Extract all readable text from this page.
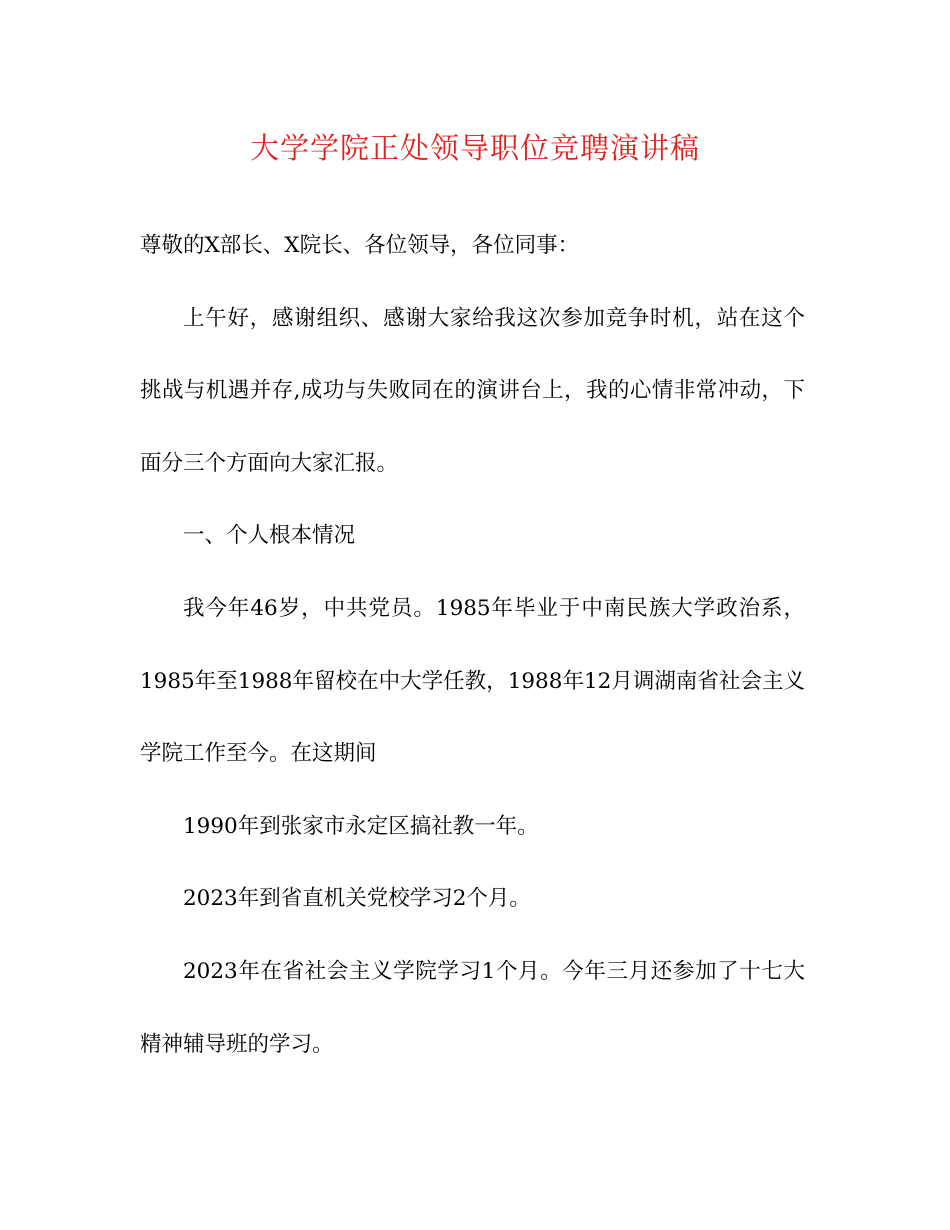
大学学院正处领导职位竞聘演讲稿

尊敬的X部长、X院长、各位领导，各位同事：

上午好，感谢组织、感谢大家给我这次参加竞争时机，站在这个挑战与机遇并存,成功与失败同在的演讲台上，我的心情非常冲动，下面分三个方面向大家汇报。

一、个人根本情况

我今年46岁，中共党员。1985年毕业于中南民族大学政治系，1985年至1988年留校在中大学任教，1988年12月调湖南省社会主义学院工作至今。在这期间

1990年到张家市永定区搞社教一年。

2023年到省直机关党校学习2个月。

2023年在省社会主义学院学习1个月。今年三月还参加了十七大精神辅导班的学习。
